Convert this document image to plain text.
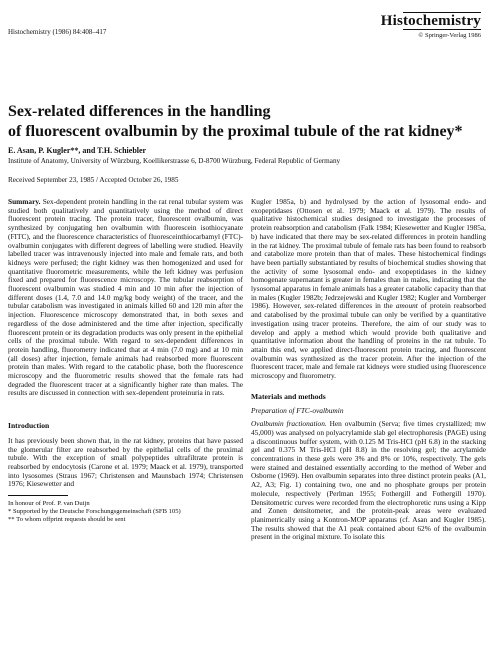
Histochemistry (1986) 84:408–417
Histochemistry
© Springer-Verlag 1986
Sex-related differences in the handling
of fluorescent ovalbumin by the proximal tubule of the rat kidney*
E. Asan, P. Kugler**, and T.H. Schiebler
Institute of Anatomy, University of Würzburg, Koellikerstrasse 6, D-8700 Würzburg, Federal Republic of Germany
Received September 23, 1985 / Accepted October 26, 1985

Summary. Sex-dependent protein handling in the rat renal tubular system was studied both qualitatively and quantitatively using the method of direct fluorescent protein tracing. The protein tracer, fluorescent ovalbumin, was synthesized by conjugating hen ovalbumin with fluorescein isothiocyanate (FITC), and the fluorescence characteristics of fluoresceinthiocarbamyl (FTC)-ovalbumin conjugates with different degrees of labelling were studied. Heavily labelled tracer was intravenously injected into male and female rats, and both kidneys were perfused; the right kidney was then homogenized and used for quantitative fluorometric measurements, while the left kidney was perfusion fixed and prepared for fluorescence microscopy. The tubular reabsorption of fluorescent ovalbumin was studied 4 min and 10 min after the injection of different doses (1.4, 7.0 and 14.0 mg/kg body weight) of the tracer, and the tubular catabolism was investigated in animals killed 60 and 120 min after the injection. Fluorescence microscopy demonstrated that, in both sexes and regardless of the dose administered and the time after injection, specifically fluorescent protein or its degradation products was only present in the epithelial cells of the proximal tubule. With regard to sex-dependent differences in protein handling, fluorometry indicated that at 4 min (7.0 mg) and at 10 min (all doses) after injection, female animals had reabsorbed more fluorescent protein than males. With regard to the catabolic phase, both the fluorescence microscopy and the fluorometric results showed that the female rats had degraded the fluorescent tracer at a significantly higher rate than males. The results are discussed in connection with sex-dependent proteinuria in rats.

Introduction

It has previously been shown that, in the rat kidney, proteins that have passed the glomerular filter are reabsorbed by the epithelial cells of the proximal tubule. With the exception of small polypeptides ultrafiltrate protein is reabsorbed by endocytosis (Carone et al. 1979; Maack et al. 1979), transported into lysosomes (Straus 1967; Christensen and Maunsbach 1974; Christensen 1976; Kiesewetter and

In honour of Prof. P. van Duijn
* Supported by the Deutsche Forschungsgemeinschaft (SFB 105)
** To whom offprint requests should be sent

Kugler 1985a, b) and hydrolysed by the action of lysosomal endo- and exopeptidases (Ottosen et al. 1979; Maack et al. 1979). The results of qualitative histochemical studies designed to investigate the processes of protein reabsorption and catabolism (Falk 1984; Kiesewetter and Kugler 1985a, b) have indicated that there may be sex-related differences in protein handling in the rat kidney. The proximal tubule of female rats has been found to reabsorb and catabolize more protein than that of males. These histochemical findings have been partially substantiated by results of biochemical studies showing that the activity of some lysosomal endo- and exopeptidases in the kidney homogenate supernatant is greater in females than in males, indicating that the lysosomal apparatus in female animals has a greater catabolic capacity than that in males (Kugler 1982b; Jedrzejewski and Kugler 1982; Kugler and Vornberger 1986). However, sex-related differences in the amount of protein reabsorbed and catabolised by the proximal tubule can only be verified by a quantitative investigation using tracer proteins. Therefore, the aim of our study was to develop and apply a method which would provide both qualitative and quantitative information about the handling of proteins in the rat tubule. To attain this end, we applied direct-fluorescent protein tracing, and fluorescent ovalbumin was synthesized as the tracer protein. After the injection of the fluorescent tracer, male and female rat kidneys were studied using fluorescence microscopy and fluorometry.

Materials and methods

Preparation of FTC-ovalbumin

Ovalbumin fractionation. Hen ovalbumin (Serva; five times crystallized; mw 45,000) was analysed on polyacrylamide slab gel electrophoresis (PAGE) using a discontinuous buffer system, with 0.125 M Tris-HCl (pH 6.8) in the stacking gel and 0.375 M Tris-HCl (pH 8.8) in the resolving gel; the acrylamide concentrations in these gels were 3% and 8% or 10%, respectively. The gels were stained and destained essentially according to the method of Weber and Osborne (1969). Hen ovalbumin separates into three distinct protein peaks (A1, A2, A3; Fig. 1) containing two, one and no phosphate groups per protein molecule, respectively (Perlman 1955; Fothergill and Fothergill 1970). Densitometric curves were recorded from the electrophoretic runs using a Kipp and Zonen densitometer, and the protein-peak areas were evaluated planimetrically using a Kontron-MOP apparatus (cf. Asan and Kugler 1985). The results showed that the A1 peak contained about 62% of the ovalbumin present in the original mixture. To isolate this
